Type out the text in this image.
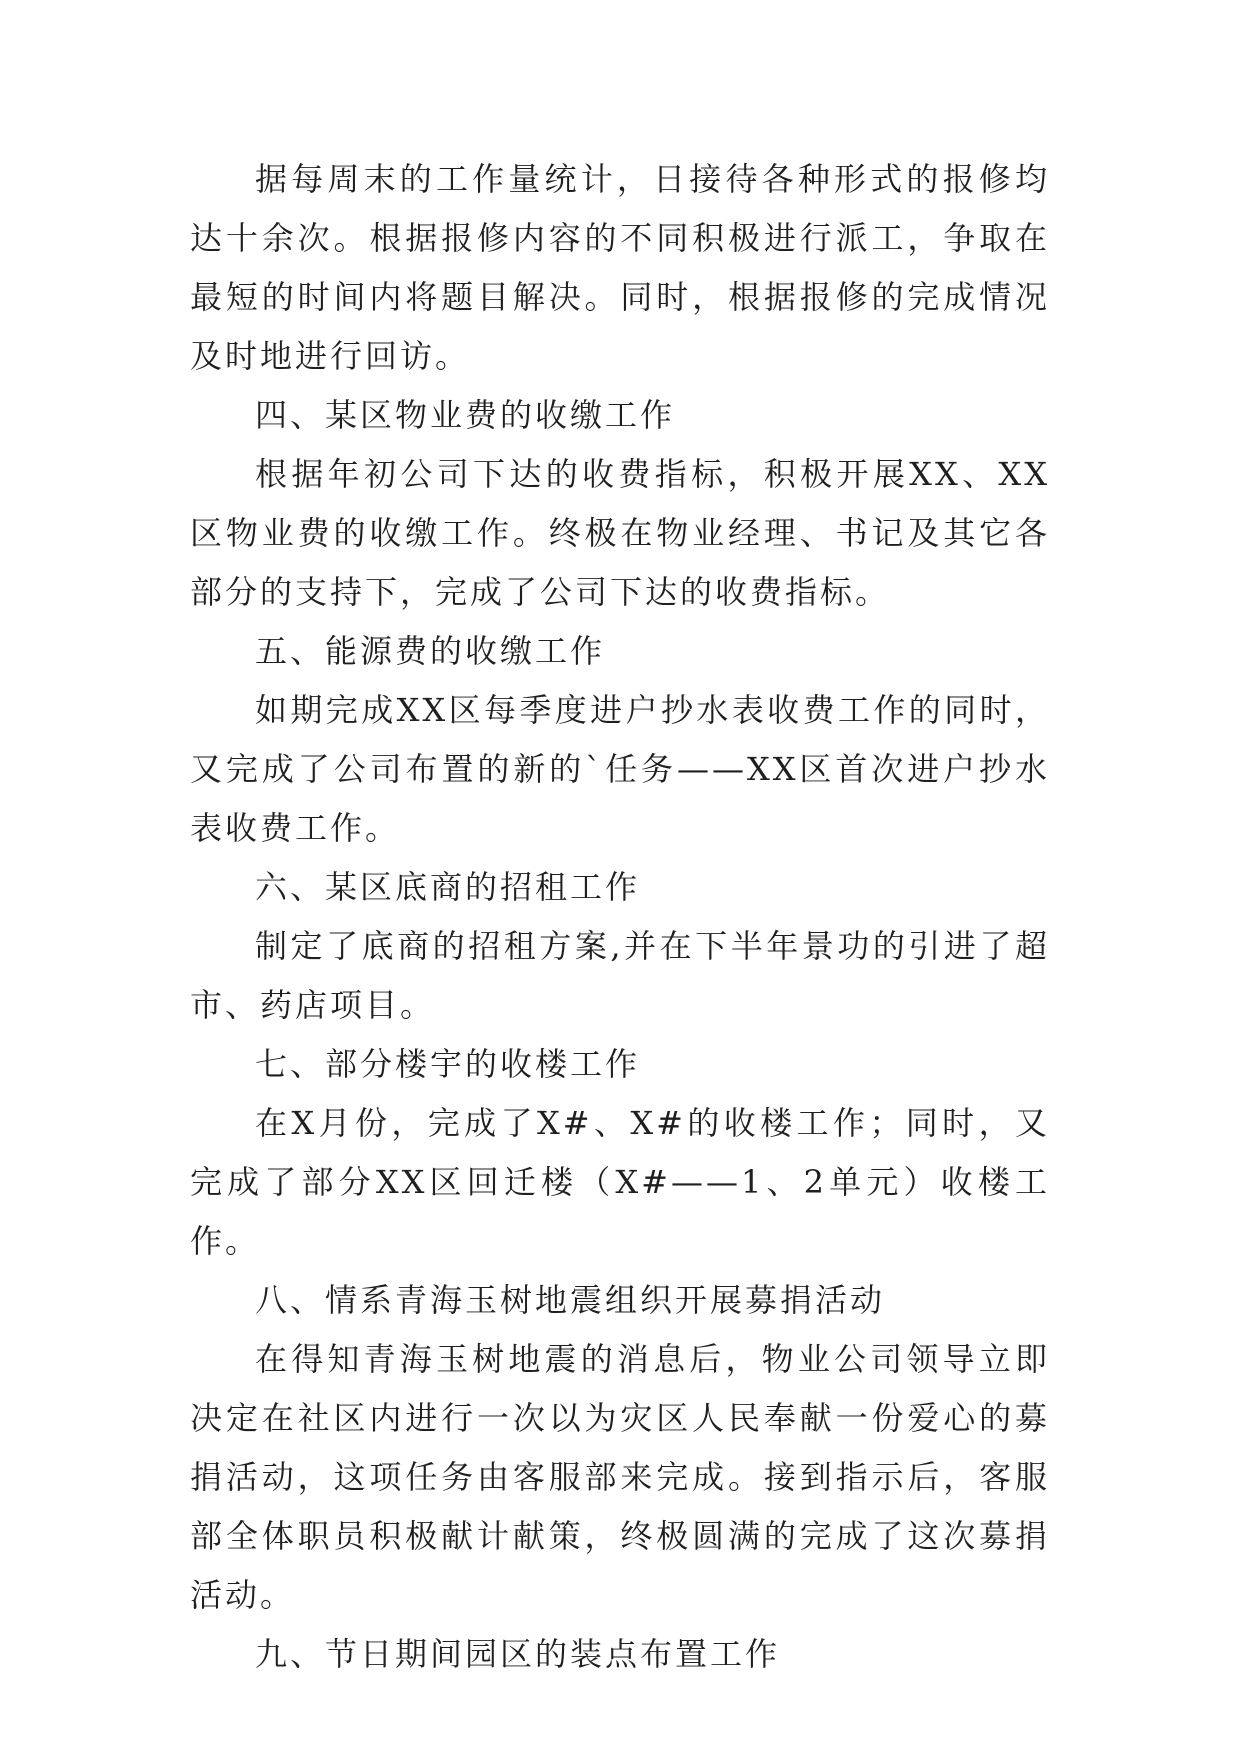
据每周末的工作量统计，日接待各种形式的报修均达十余次。根据报修内容的不同积极进行派工，争取在最短的时间内将题目解决。同时，根据报修的完成情况及时地进行回访。

四、某区物业费的收缴工作

根据年初公司下达的收费指标，积极开展XX、XX区物业费的收缴工作。终极在物业经理、书记及其它各部分的支持下，完成了公司下达的收费指标。

五、能源费的收缴工作

如期完成XX区每季度进户抄水表收费工作的同时，又完成了公司布置的新的`任务——XX区首次进户抄水表收费工作。

六、某区底商的招租工作

制定了底商的招租方案,并在下半年景功的引进了超市、药店项目。

七、部分楼宇的收楼工作

在X月份，完成了X#、X#的收楼工作；同时，又完成了部分XX区回迁楼（X#——1、2单元）收楼工作。

八、情系青海玉树地震组织开展募捐活动

在得知青海玉树地震的消息后，物业公司领导立即决定在社区内进行一次以为灾区人民奉献一份爱心的募捐活动，这项任务由客服部来完成。接到指示后，客服部全体职员积极献计献策，终极圆满的完成了这次募捐活动。

九、节日期间园区的装点布置工作
